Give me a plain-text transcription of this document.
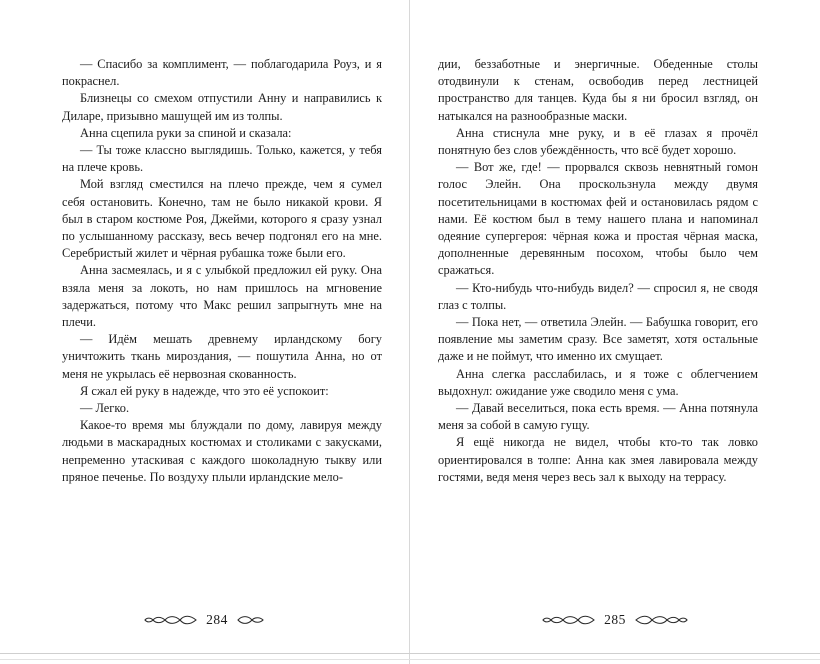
— Спасибо за комплимент, — поблагодарила Роуз, и я покраснел.

Близнецы со смехом отпустили Анну и направились к Диларе, призывно машущей им из толпы.

Анна сцепила руки за спиной и сказала:

— Ты тоже классно выглядишь. Только, кажется, у тебя на плече кровь.

Мой взгляд сместился на плечо прежде, чем я сумел себя остановить. Конечно, там не было никакой крови. Я был в старом костюме Роя, Джейми, которого я сразу узнал по услышанному рассказу, весь вечер подгонял его на мне. Серебристый жилет и чёрная рубашка тоже были его.

Анна засмеялась, и я с улыбкой предложил ей руку. Она взяла меня за локоть, но нам пришлось на мгновение задержаться, потому что Макс решил запрыгнуть мне на плечи.

— Идём мешать древнему ирландскому богу уничтожить ткань мироздания, — пошутила Анна, но от меня не укрылась её нервозная скованность.

Я сжал ей руку в надежде, что это её успокоит:

— Легко.

Какое-то время мы блуждали по дому, лавируя между людьми в маскарадных костюмах и столиками с закусками, непременно утаскивая с каждого шоколадную тыкву или пряное печенье. По воздуху плыли ирландские мело-

284

дии, беззаботные и энергичные. Обеденные столы отодвинули к стенам, освободив перед лестницей пространство для танцев. Куда бы я ни бросил взгляд, он натыкался на разнообразные маски.

Анна стиснула мне руку, и в её глазах я прочёл понятную без слов убеждённость, что всё будет хорошо.

— Вот же, где! — прорвался сквозь невнятный гомон голос Элейн. Она проскользнула между двумя посетительницами в костюмах фей и остановилась рядом с нами. Её костюм был в тему нашего плана и напоминал одеяние супергероя: чёрная кожа и простая чёрная маска, дополненные деревянным посохом, чтобы было чем сражаться.

— Кто-нибудь что-нибудь видел? — спросил я, не сводя глаз с толпы.

— Пока нет, — ответила Элейн. — Бабушка говорит, его появление мы заметим сразу. Все заметят, хотя остальные даже и не поймут, что именно их смущает.

Анна слегка расслабилась, и я тоже с облегчением выдохнул: ожидание уже сводило меня с ума.

— Давай веселиться, пока есть время. — Анна потянула меня за собой в самую гущу.

Я ещё никогда не видел, чтобы кто-то так ловко ориентировался в толпе: Анна как змея лавировала между гостями, ведя меня через весь зал к выходу на террасу.

285
